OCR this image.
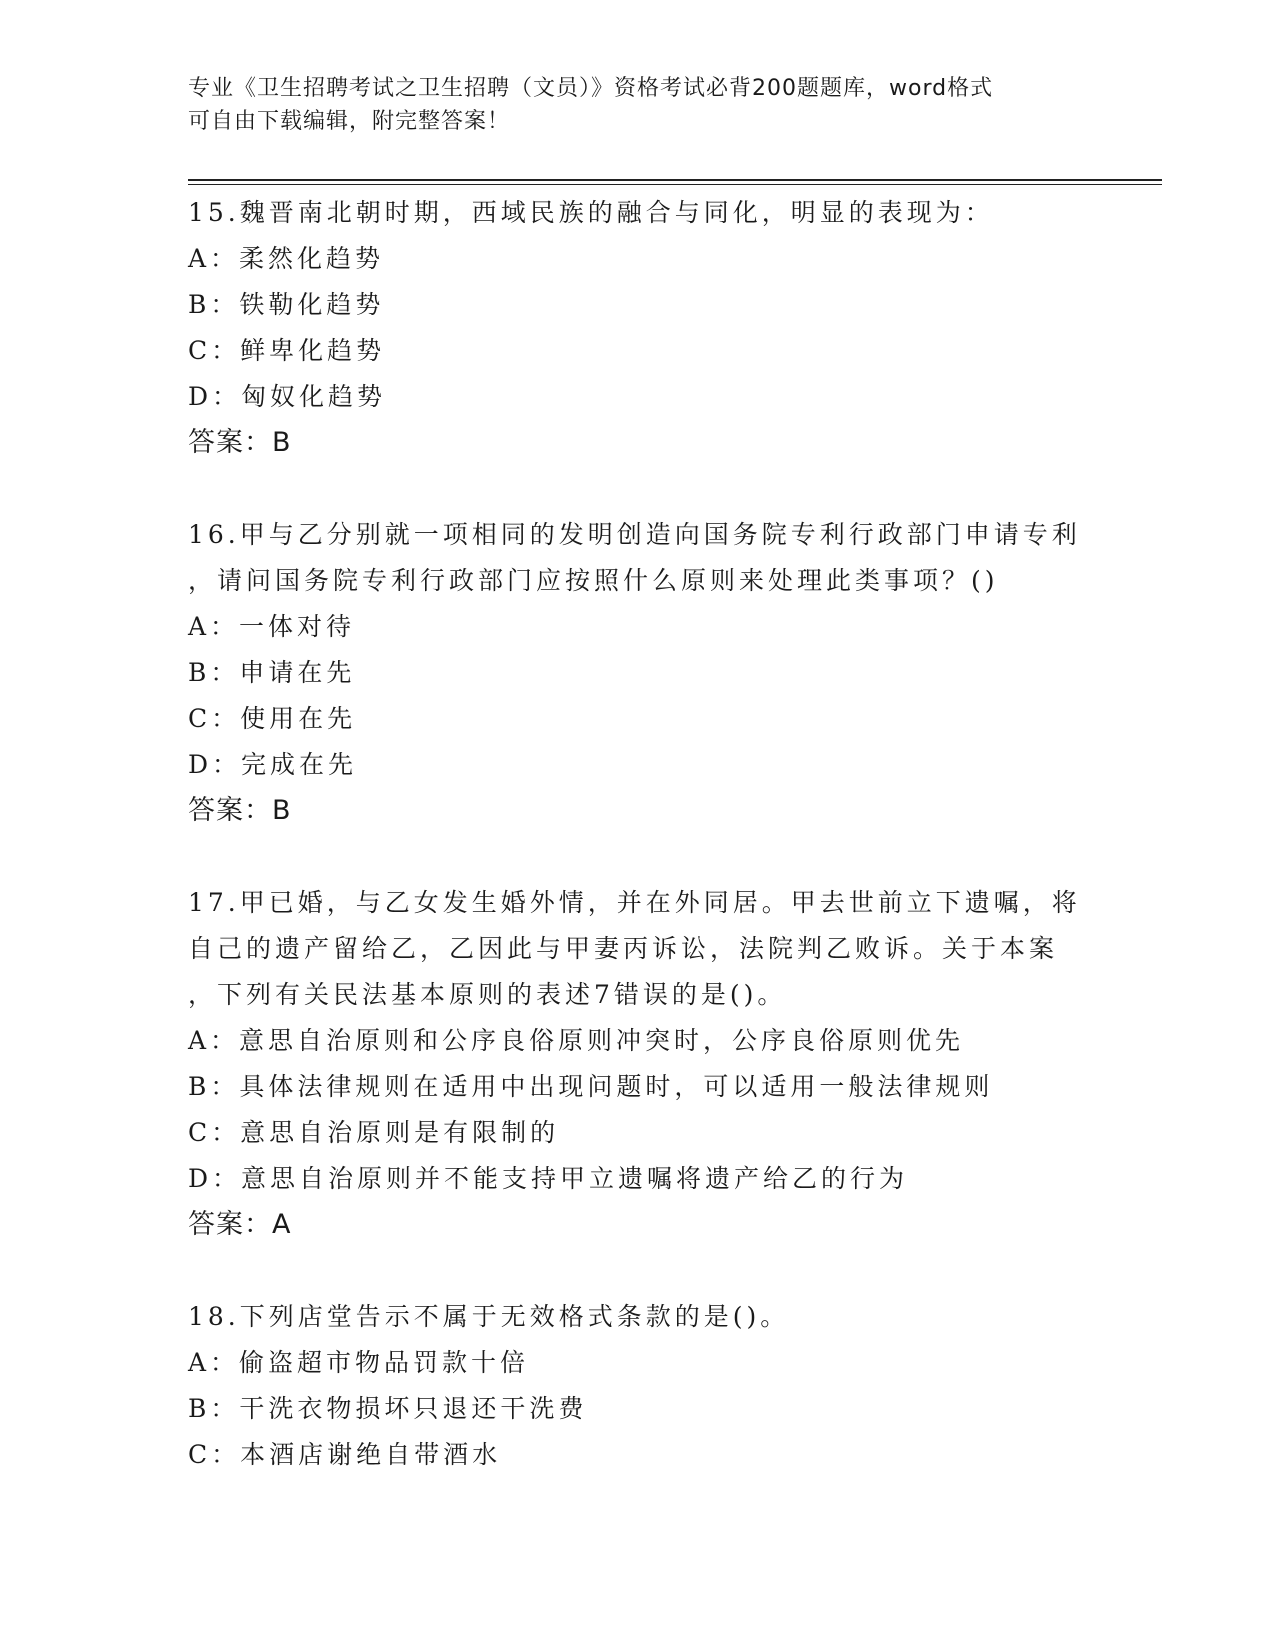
专业《卫生招聘考试之卫生招聘（文员）》资格考试必背200题题库，word格式
可自由下载编辑，附完整答案！
15.魏晋南北朝时期，西域民族的融合与同化，明显的表现为：
A：柔然化趋势
B：铁勒化趋势
C：鲜卑化趋势
D：匈奴化趋势
答案：B
16.甲与乙分别就一项相同的发明创造向国务院专利行政部门申请专利
，请问国务院专利行政部门应按照什么原则来处理此类事项？()
A：一体对待
B：申请在先
C：使用在先
D：完成在先
答案：B
17.甲已婚，与乙女发生婚外情，并在外同居。甲去世前立下遗嘱，将
自己的遗产留给乙，乙因此与甲妻丙诉讼，法院判乙败诉。关于本案
，下列有关民法基本原则的表述7错误的是()。
A：意思自治原则和公序良俗原则冲突时，公序良俗原则优先
B：具体法律规则在适用中出现问题时，可以适用一般法律规则
C：意思自治原则是有限制的
D：意思自治原则并不能支持甲立遗嘱将遗产给乙的行为
答案：A
18.下列店堂告示不属于无效格式条款的是()。
A：偷盗超市物品罚款十倍
B：干洗衣物损坏只退还干洗费
C：本酒店谢绝自带酒水
